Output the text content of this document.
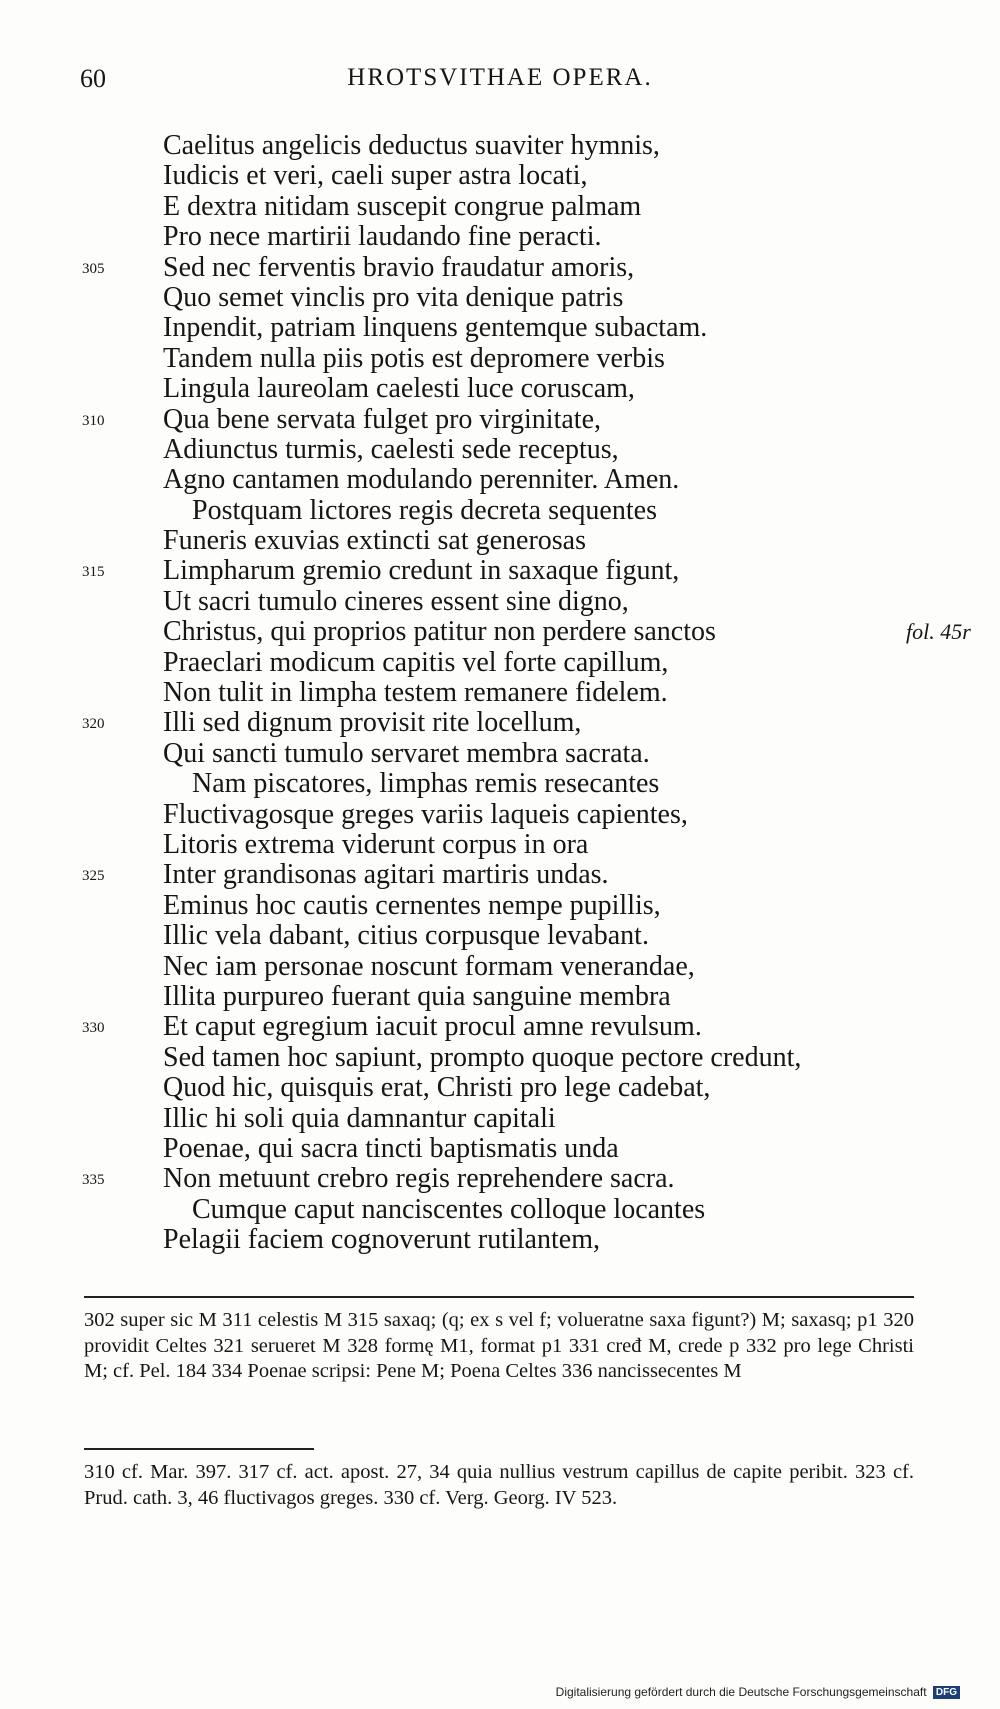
60	HROTSVITHAE OPERA.
Caelitus angelicis deductus suaviter hymnis,
Iudicis et veri, caeli super astra locati,
E dextra nitidam suscepit congrue palmam
Pro nece martirii laudando fine peracti.
305 Sed nec ferventis bravio fraudatur amoris,
Quo semet vinclis pro vita denique patris
Inpendit, patriam linquens gentemque subactam.
Tandem nulla piis potis est depromere verbis
Lingula laureolam caelesti luce coruscam,
310 Qua bene servata fulget pro virginitate,
Adiunctus turmis, caelesti sede receptus,
Agno cantamen modulando perenniter. Amen.
Postquam lictores regis decreta sequentes
Funeris exuvias extincti sat generosas
315 Limpharum gremio credunt in saxaque figunt,
Ut sacri tumulo cineres essent sine digno,
Christus, qui proprios patitur non perdere sanctos	fol. 45r
Praeclari modicum capitis vel forte capillum,
Non tulit in limpha testem remanere fidelem.
320 Illi sed dignum provisit rite locellum,
Qui sancti tumulo servaret membra sacrata.
Nam piscatores, limphas remis resecantes
Fluctivagosque greges variis laqueis capientes,
Litoris extrema viderunt corpus in ora
325 Inter grandisonas agitari martiris undas.
Eminus hoc cautis cernentes nempe pupillis,
Illic vela dabant, citius corpusque levabant.
Nec iam personae noscunt formam venerandae,
Illita purpureo fuerant quia sanguine membra
330 Et caput egregium iacuit procul amne revulsum.
Sed tamen hoc sapiunt, prompto quoque pectore credunt,
Quod hic, quisquis erat, Christi pro lege cadebat,
Illic hi soli quia damnantur capitali
Poenae, qui sacra tincti baptismatis unda
335 Non metuunt crebro regis reprehendere sacra.
Cumque caput nanciscentes colloque locantes
Pelagii faciem cognoverunt rutilantem,

302 super sic M 311 celestis M 315 saxaq; (q; ex s vel f; volueratne saxa figunt?) M; saxasq; p1 320 providit Celtes 321 serueret M 328 formę M1, format p1 331 cređ M, crede p 332 pro lege Christi M; cf. Pel. 184 334 Poenae scripsi: Pene M; Poena Celtes 336 nancissecentes M

310 cf. Mar. 397. 317 cf. act. apost. 27, 34 quia nullius vestrum capillus de capite peribit. 323 cf. Prud. cath. 3, 46 fluctivagos greges. 330 cf. Verg. Georg. IV 523.

Digitalisierung gefördert durch die Deutsche Forschungsgemeinschaft DFG
